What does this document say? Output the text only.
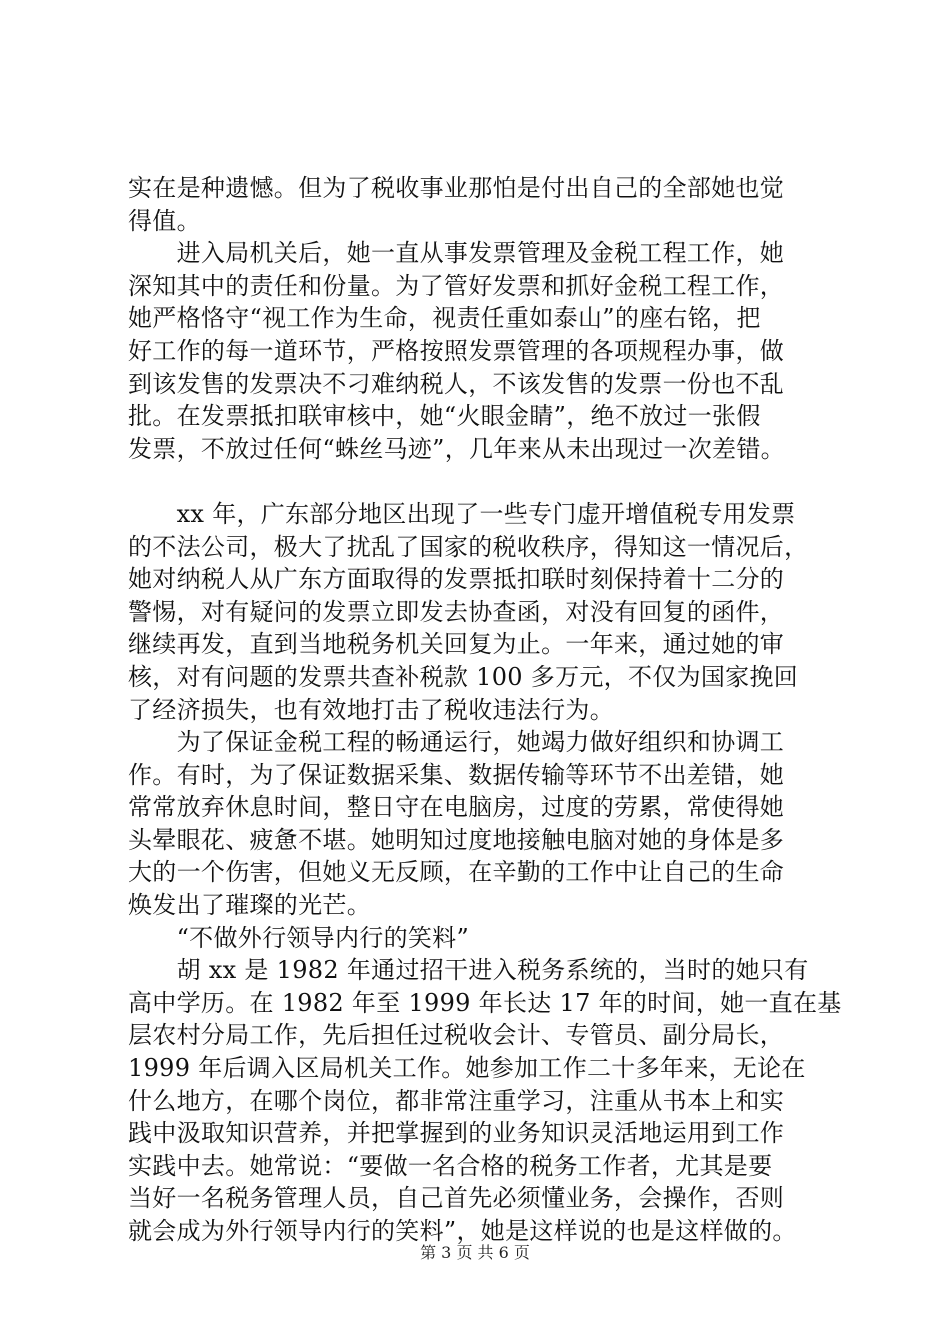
实在是种遗憾。但为了税收事业那怕是付出自己的全部她也觉
得值。
　　进入局机关后，她一直从事发票管理及金税工程工作，她
深知其中的责任和份量。为了管好发票和抓好金税工程工作，
她严格恪守“视工作为生命，视责任重如泰山”的座右铭，把
好工作的每一道环节，严格按照发票管理的各项规程办事，做
到该发售的发票决不刁难纳税人，不该发售的发票一份也不乱
批。在发票抵扣联审核中，她“火眼金睛”，绝不放过一张假
发票，不放过任何“蛛丝马迹”，几年来从未出现过一次差错。
　　xx 年，广东部分地区出现了一些专门虚开增值税专用发票
的不法公司，极大了扰乱了国家的税收秩序，得知这一情况后，
她对纳税人从广东方面取得的发票抵扣联时刻保持着十二分的
警惕，对有疑问的发票立即发去协查函，对没有回复的函件，
继续再发，直到当地税务机关回复为止。一年来，通过她的审
核，对有问题的发票共查补税款 100 多万元，不仅为国家挽回
了经济损失，也有效地打击了税收违法行为。
　　为了保证金税工程的畅通运行，她竭力做好组织和协调工
作。有时，为了保证数据采集、数据传输等环节不出差错，她
常常放弃休息时间，整日守在电脑房，过度的劳累，常使得她
头晕眼花、疲惫不堪。她明知过度地接触电脑对她的身体是多
大的一个伤害，但她义无反顾，在辛勤的工作中让自己的生命
焕发出了璀璨的光芒。
　　“不做外行领导内行的笑料”
　　胡 xx 是 1982 年通过招干进入税务系统的，当时的她只有
高中学历。在 1982 年至 1999 年长达 17 年的时间，她一直在基
层农村分局工作，先后担任过税收会计、专管员、副分局长，
1999 年后调入区局机关工作。她参加工作二十多年来，无论在
什么地方，在哪个岗位，都非常注重学习，注重从书本上和实
践中汲取知识营养，并把掌握到的业务知识灵活地运用到工作
实践中去。她常说：“要做一名合格的税务工作者，尤其是要
当好一名税务管理人员，自己首先必须懂业务，会操作，否则
就会成为外行领导内行的笑料”，她是这样说的也是这样做的。
第 3 页 共 6 页
